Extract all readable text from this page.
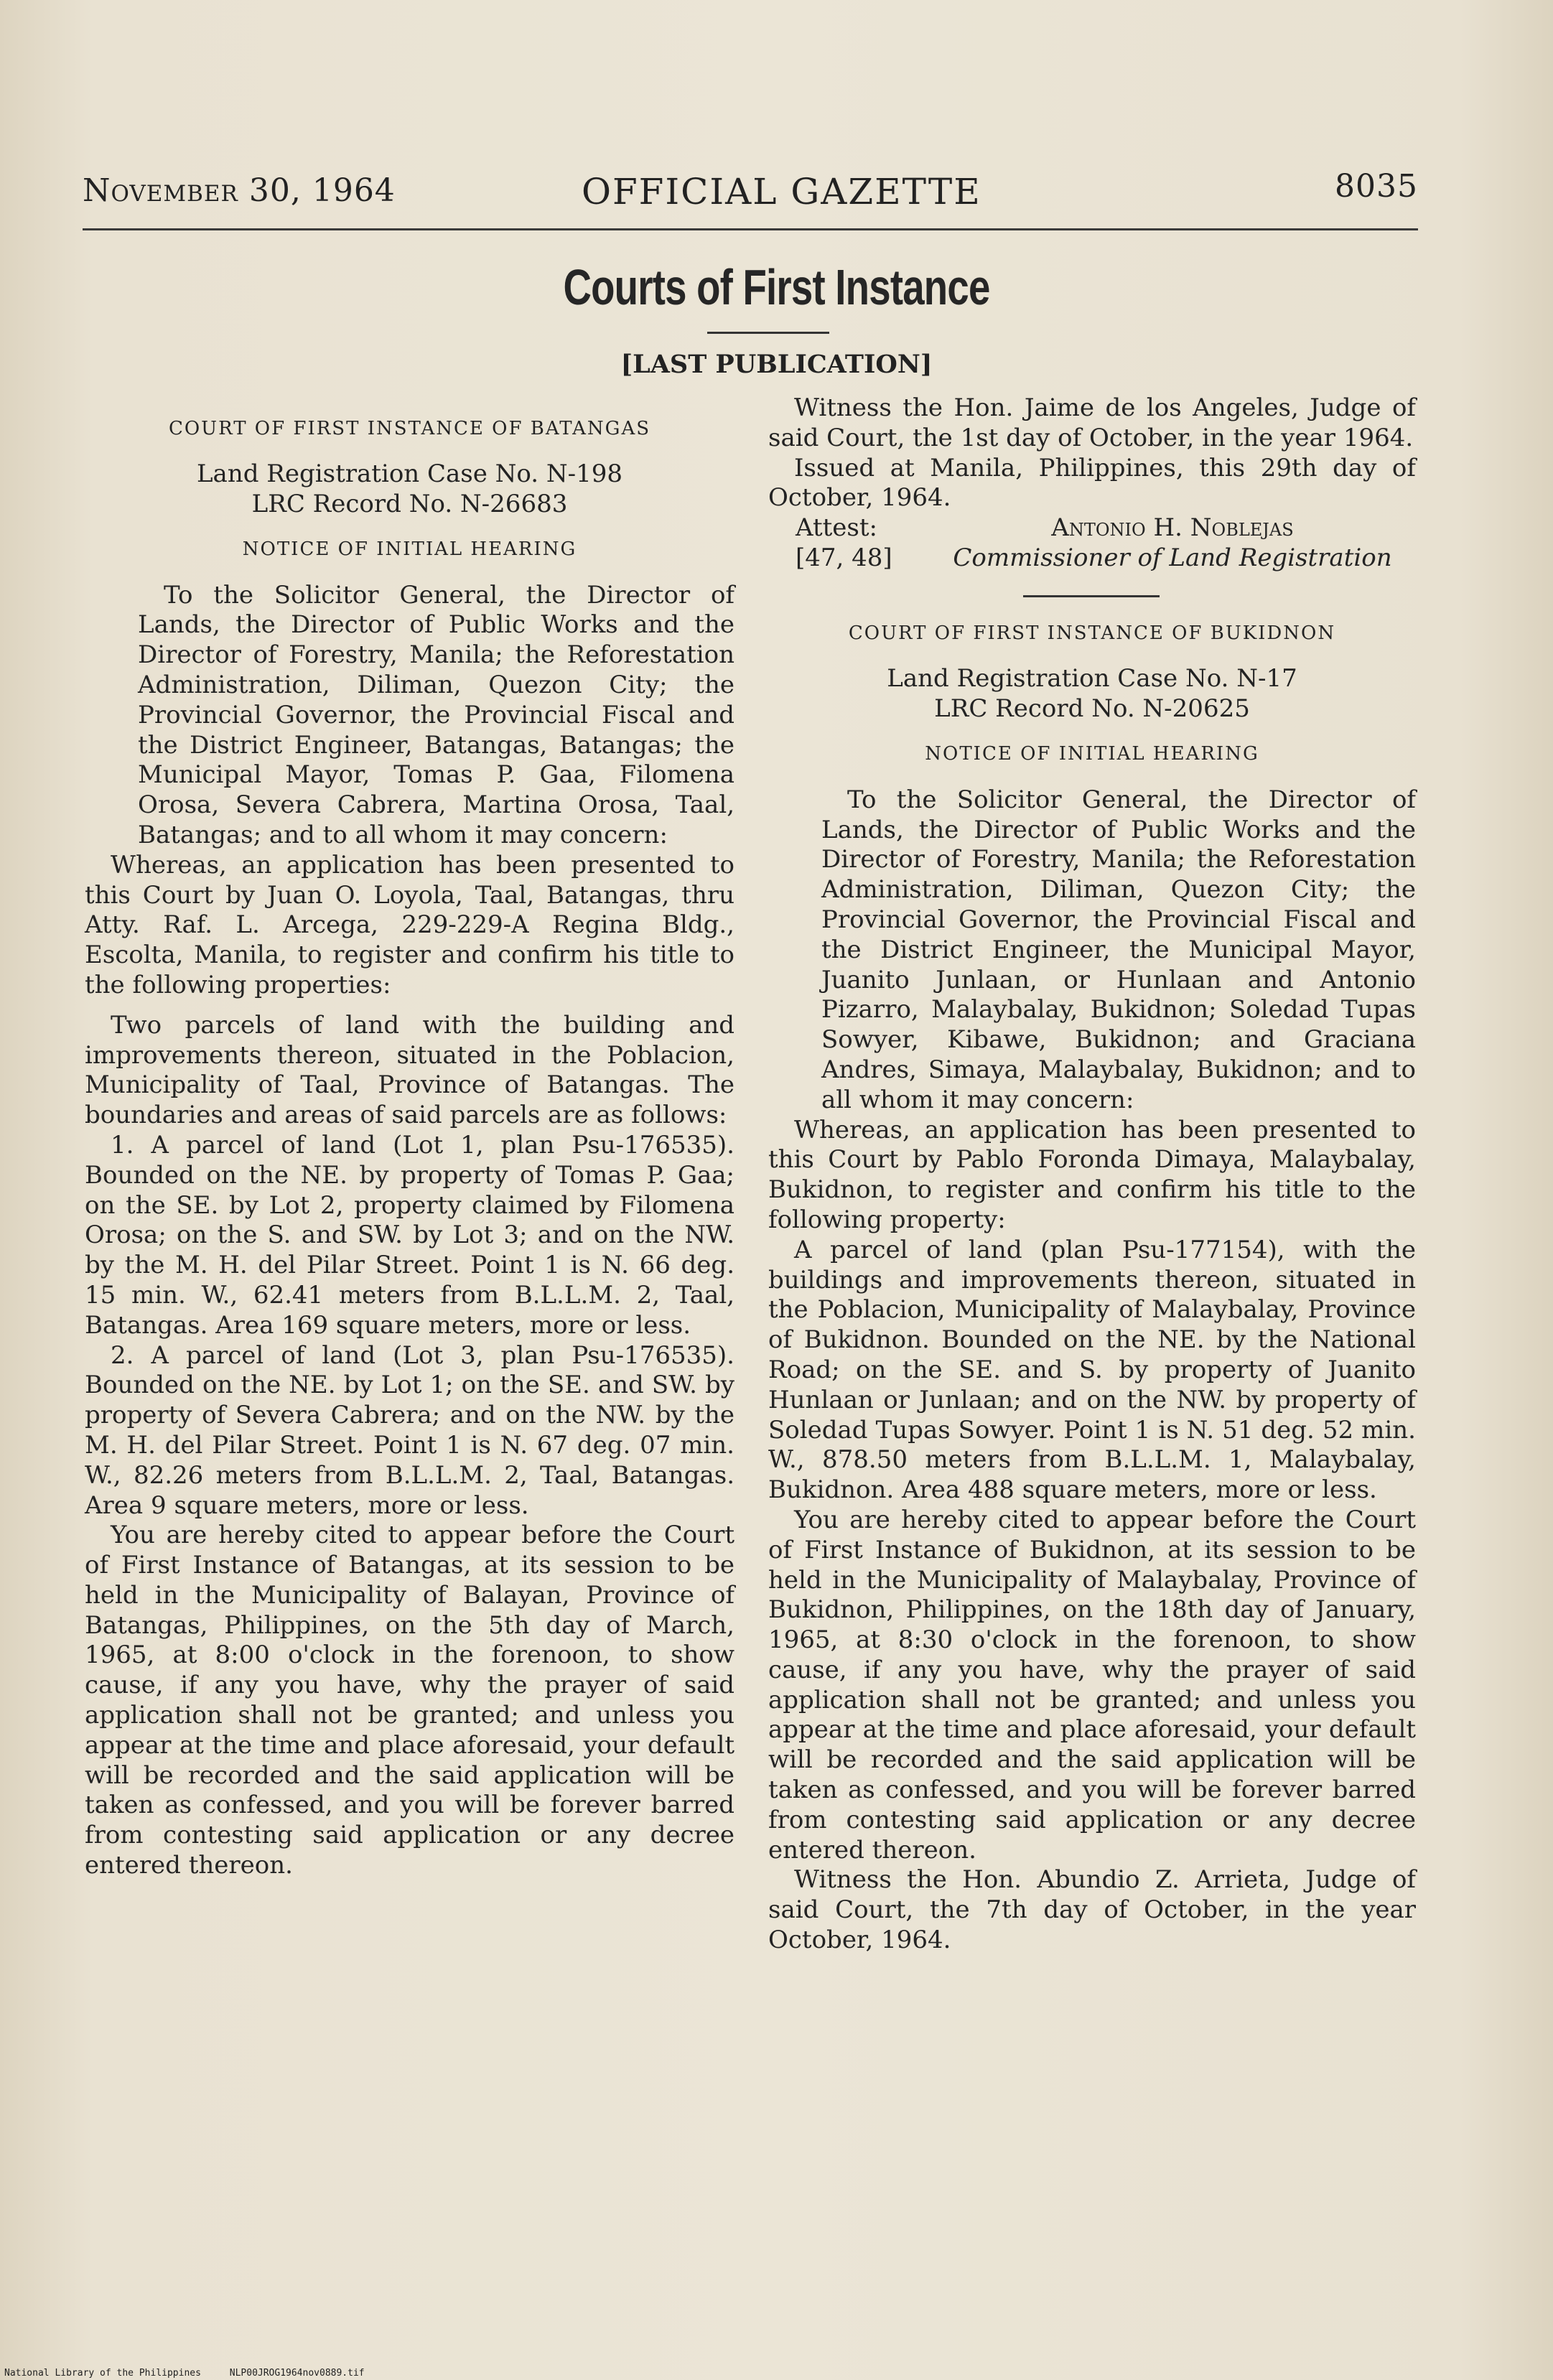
November 30, 1964	OFFICIAL GAZETTE	8035
Courts of First Instance
[LAST PUBLICATION]
COURT OF FIRST INSTANCE OF BATANGAS
Land Registration Case No. N-198
LRC Record No. N-26683
NOTICE OF INITIAL HEARING

To the Solicitor General, the Director of Lands, the Director of Public Works and the Director of Forestry, Manila; the Reforestation Administration, Diliman, Quezon City; the Provincial Governor, the Provincial Fiscal and the District Engineer, Batangas, Batangas; the Municipal Mayor, Tomas P. Gaa, Filomena Orosa, Severa Cabrera, Martina Orosa, Taal, Batangas; and to all whom it may concern:

Whereas, an application has been presented to this Court by Juan O. Loyola, Taal, Batangas, thru Atty. Raf. L. Arcega, 229-229-A Regina Bldg., Escolta, Manila, to register and confirm his title to the following properties:

Two parcels of land with the building and improvements thereon, situated in the Poblacion, Municipality of Taal, Province of Batangas. The boundaries and areas of said parcels are as follows:

1. A parcel of land (Lot 1, plan Psu-176535). Bounded on the NE. by property of Tomas P. Gaa; on the SE. by Lot 2, property claimed by Filomena Orosa; on the S. and SW. by Lot 3; and on the NW. by the M. H. del Pilar Street. Point 1 is N. 66 deg. 15 min. W., 62.41 meters from B.L.L.M. 2, Taal, Batangas. Area 169 square meters, more or less.

2. A parcel of land (Lot 3, plan Psu-176535). Bounded on the NE. by Lot 1; on the SE. and SW. by property of Severa Cabrera; and on the NW. by the M. H. del Pilar Street. Point 1 is N. 67 deg. 07 min. W., 82.26 meters from B.L.L.M. 2, Taal, Batangas. Area 9 square meters, more or less.

You are hereby cited to appear before the Court of First Instance of Batangas, at its session to be held in the Municipality of Balayan, Province of Batangas, Philippines, on the 5th day of March, 1965, at 8:00 o'clock in the forenoon, to show cause, if any you have, why the prayer of said application shall not be granted; and unless you appear at the time and place aforesaid, your default will be recorded and the said application will be taken as confessed, and you will be forever barred from contesting said application or any decree entered thereon.

Witness the Hon. Jaime de los Angeles, Judge of said Court, the 1st day of October, in the year 1964.

Issued at Manila, Philippines, this 29th day of October, 1964.

Attest:	Antonio H. Noblejas
[47, 48]	Commissioner of Land Registration
COURT OF FIRST INSTANCE OF BUKIDNON
Land Registration Case No. N-17
LRC Record No. N-20625
NOTICE OF INITIAL HEARING

To the Solicitor General, the Director of Lands, the Director of Public Works and the Director of Forestry, Manila; the Reforestation Administration, Diliman, Quezon City; the Provincial Governor, the Provincial Fiscal and the District Engineer, the Municipal Mayor, Juanito Junlaan, or Hunlaan and Antonio Pizarro, Malaybalay, Bukidnon; Soledad Tupas Sowyer, Kibawe, Bukidnon; and Graciana Andres, Simaya, Malaybalay, Bukidnon; and to all whom it may concern:

Whereas, an application has been presented to this Court by Pablo Foronda Dimaya, Malaybalay, Bukidnon, to register and confirm his title to the following property:

A parcel of land (plan Psu-177154), with the buildings and improvements thereon, situated in the Poblacion, Municipality of Malaybalay, Province of Bukidnon. Bounded on the NE. by the National Road; on the SE. and S. by property of Juanito Hunlaan or Junlaan; and on the NW. by property of Soledad Tupas Sowyer. Point 1 is N. 51 deg. 52 min. W., 878.50 meters from B.L.L.M. 1, Malaybalay, Bukidnon. Area 488 square meters, more or less.

You are hereby cited to appear before the Court of First Instance of Bukidnon, at its session to be held in the Municipality of Malaybalay, Province of Bukidnon, Philippines, on the 18th day of January, 1965, at 8:30 o'clock in the forenoon, to show cause, if any you have, why the prayer of said application shall not be granted; and unless you appear at the time and place aforesaid, your default will be recorded and the said application will be taken as confessed, and you will be forever barred from contesting said application or any decree entered thereon.

Witness the Hon. Abundio Z. Arrieta, Judge of said Court, the 7th day of October, in the year October, 1964.

National Library of the Philippines	NLP00JROG1964nov0889.tif
